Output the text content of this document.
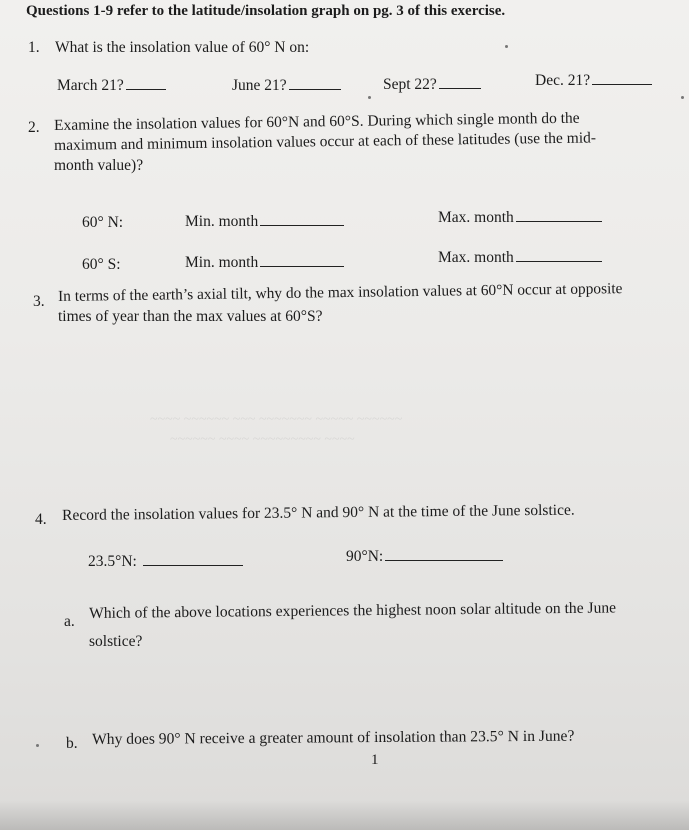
Questions 1-9 refer to the latitude/insolation graph on pg. 3 of this exercise.
1. What is the insolation value of 60° N on:
March 21?	June 21?	Sept 22?	Dec. 21?
2. Examine the insolation values for 60°N and 60°S. During which single month do the
maximum and minimum insolation values occur at each of these latitudes (use the mid-
month value)?
60° N:	Min. month	Max. month
60° S:	Min. month	Max. month
3. In terms of the earth’s axial tilt, why do the max insolation values at 60°N occur at opposite
times of year than the max values at 60°S?
~~~~ ~~~~~~ ~~~ ~~~~~~~ ~~~~~ ~~~~~~
~~~~~~ ~~~~ ~~~~~~~~~ ~~~~
4. Record the insolation values for 23.5° N and 90° N at the time of the June solstice.
23.5°N:	90°N:
a. Which of the above locations experiences the highest noon solar altitude on the June
solstice?
b. Why does 90° N receive a greater amount of insolation than 23.5° N in June?
1
